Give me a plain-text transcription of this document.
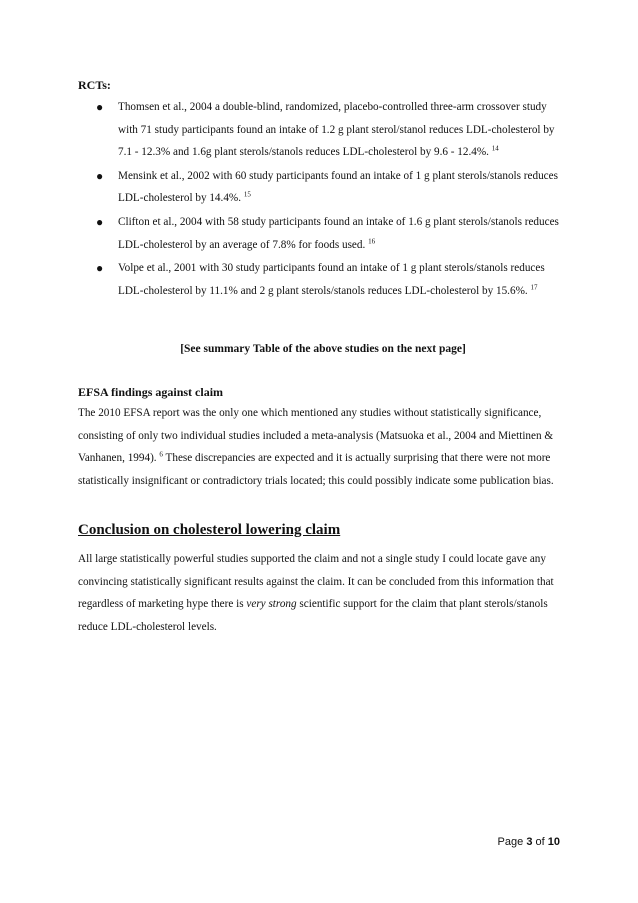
RCTs:
● Thomsen et al., 2004 a double-blind, randomized, placebo-controlled three-arm crossover study with 71 study participants found an intake of 1.2 g plant sterol/stanol reduces LDL-cholesterol by 7.1 - 12.3% and 1.6g plant sterols/stanols reduces LDL-cholesterol by 9.6 - 12.4%. $^{14}$
● Mensink et al., 2002 with 60 study participants found an intake of 1 g plant sterols/stanols reduces LDL-cholesterol by 14.4%. $^{15}$
● Clifton et al., 2004 with 58 study participants found an intake of 1.6 g plant sterols/stanols reduces LDL-cholesterol by an average of 7.8% for foods used. $^{16}$
● Volpe et al., 2001 with 30 study participants found an intake of 1 g plant sterols/stanols reduces LDL-cholesterol by 11.1% and 2 g plant sterols/stanols reduces LDL-cholesterol by 15.6%. $^{17}$
[See summary Table of the above studies on the next page]
EFSA findings against claim
The 2010 EFSA report was the only one which mentioned any studies without statistically significance, consisting of only two individual studies included a meta-analysis (Matsuoka et al., 2004 and Miettinen & Vanhanen, 1994). $^6$ These discrepancies are expected and it is actually surprising that there were not more statistically insignificant or contradictory trials located; this could possibly indicate some publication bias.
Conclusion on cholesterol lowering claim
All large statistically powerful studies supported the claim and not a single study I could locate gave any convincing statistically significant results against the claim. It can be concluded from this information that regardless of marketing hype there is very strong scientific support for the claim that plant sterols/stanols reduce LDL-cholesterol levels.
Page 3 of 10
